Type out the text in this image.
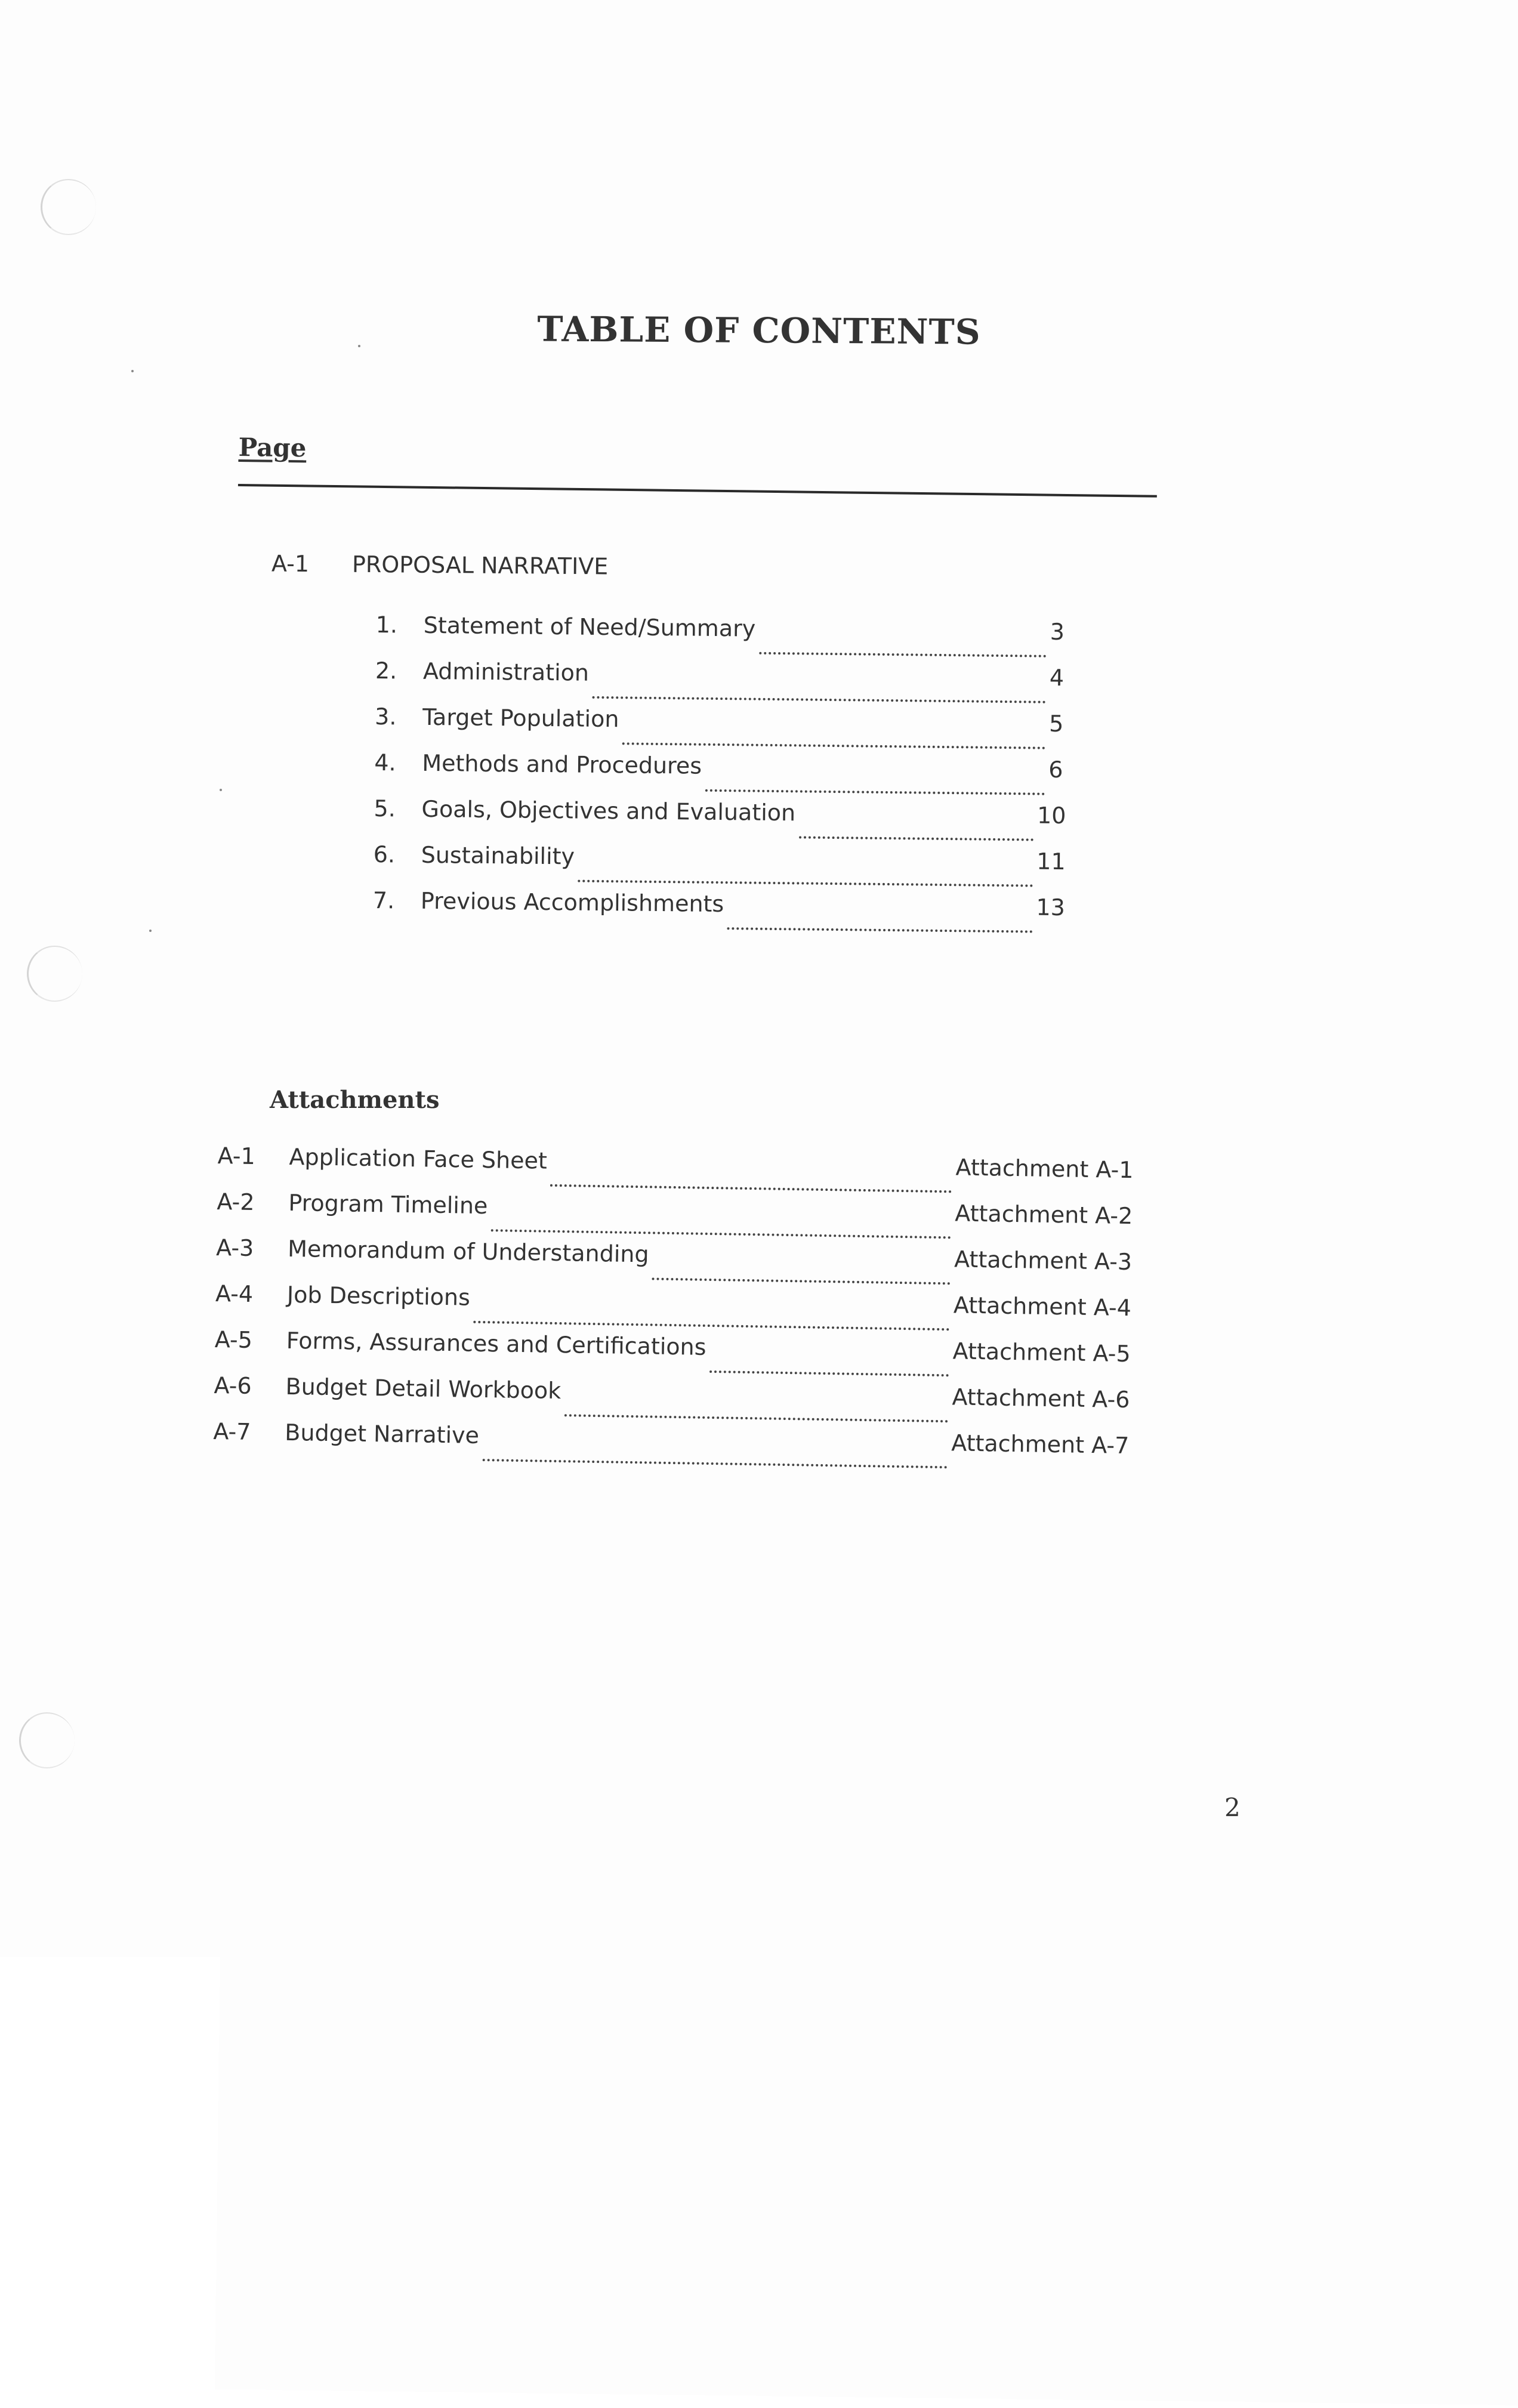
TABLE OF CONTENTS
Page
A-1 PROPOSAL NARRATIVE
1.	Statement of Need/Summary	3
2.	Administration	4
3.	Target Population	5
4.	Methods and Procedures	6
5.	Goals, Objectives and Evaluation	10
6.	Sustainability	11
7.	Previous Accomplishments	13
Attachments
A-1	Application Face Sheet	Attachment A-1
A-2	Program Timeline	Attachment A-2
A-3	Memorandum of Understanding	Attachment A-3
A-4	Job Descriptions	Attachment A-4
A-5	Forms, Assurances and Certifications	Attachment A-5
A-6	Budget Detail Workbook	Attachment A-6
A-7	Budget Narrative	Attachment A-7
2
